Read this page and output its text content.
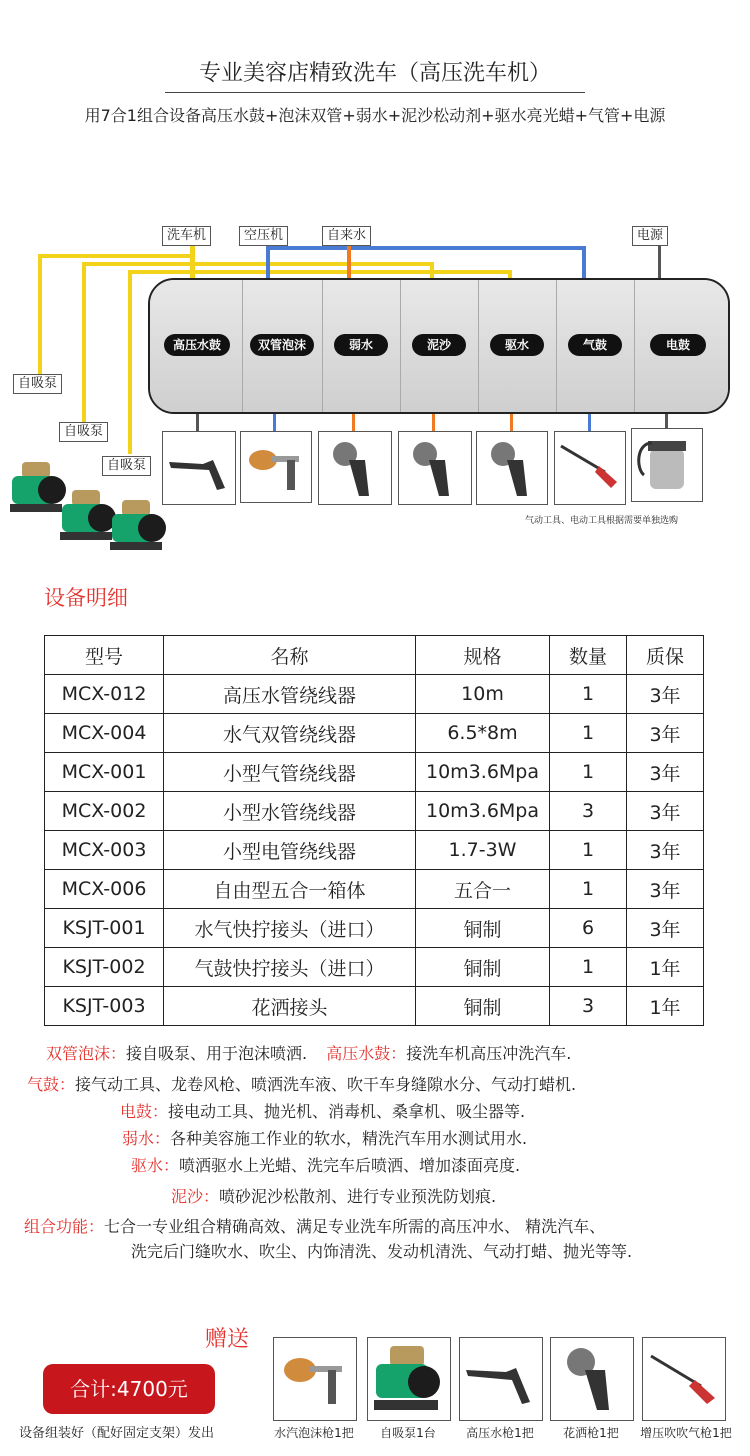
专业美容店精致洗车（高压洗车机）
用7合1组合设备高压水鼓+泡沫双管+弱水+泥沙松动剂+驱水亮光蜡+气管+电源
洗车机	空压机	自来水	电源
自吸泵
自吸泵
自吸泵
高压水鼓	双管泡沫	弱水	泥沙	驱水	气鼓	电鼓
气动工具、电动工具根据需要单独选购
设备明细
型号	名称	规格	数量	质保
MCX-012	高压水管绕线器	10m	1	3年
MCX-004	水气双管绕线器	6.5*8m	1	3年
MCX-001	小型气管绕线器	10m3.6Mpa	1	3年
MCX-002	小型水管绕线器	10m3.6Mpa	3	3年
MCX-003	小型电管绕线器	1.7-3W	1	3年
MCX-006	自由型五合一箱体	五合一	1	3年
KSJT-001	水气快拧接头（进口）	铜制	6	3年
KSJT-002	气鼓快拧接头（进口）	铜制	1	1年
KSJT-003	花洒接头	铜制	3	1年
双管泡沫：接自吸泵、用于泡沫喷洒. 高压水鼓：接洗车机高压冲洗汽车.
气鼓：接气动工具、龙卷风枪、喷洒洗车液、吹干车身缝隙水分、气动打蜡机.
电鼓：接电动工具、抛光机、消毒机、桑拿机、吸尘器等.
弱水：各种美容施工作业的软水，精洗汽车用水测试用水.
驱水：喷洒驱水上光蜡、洗完车后喷洒、增加漆面亮度.
泥沙：喷砂泥沙松散剂、进行专业预洗防划痕.
组合功能：七合一专业组合精确高效、满足专业洗车所需的高压冲水、 精洗汽车、
洗完后门缝吹水、吹尘、内饰清洗、发动机清洗、气动打蜡、抛光等等.
赠送
合计:4700元
设备组装好（配好固定支架）发出	水汽泡沫枪1把	自吸泵1台	高压水枪1把	花洒枪1把	增压吹吹气枪1把
